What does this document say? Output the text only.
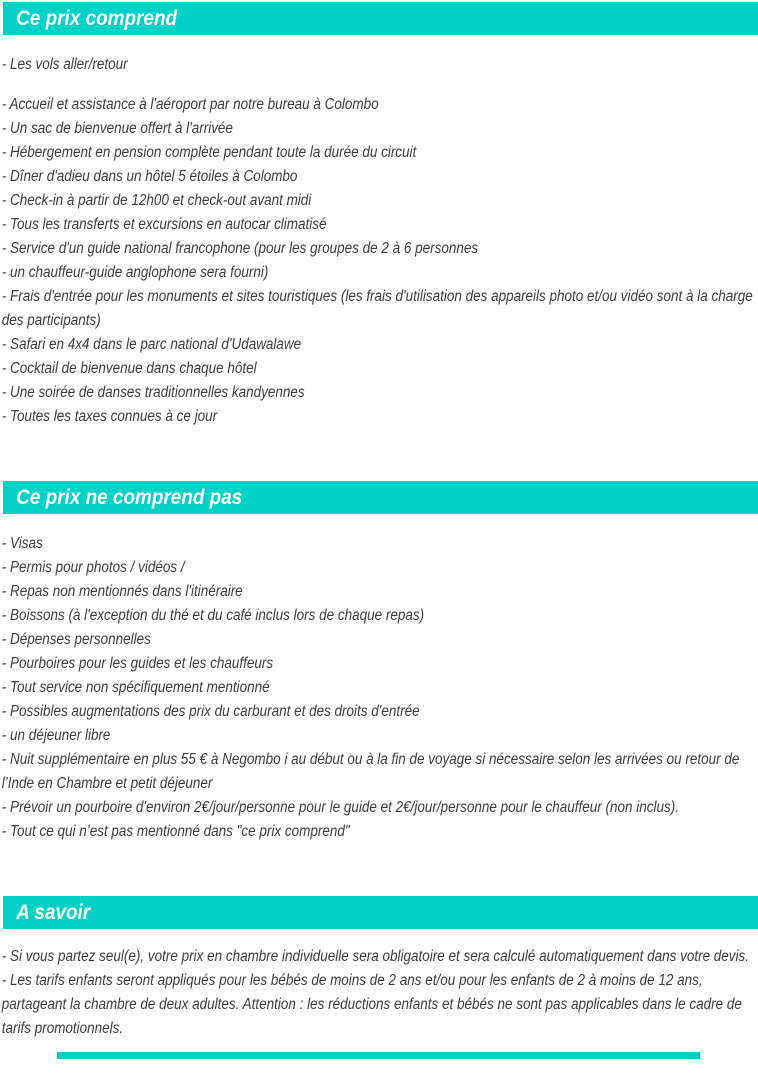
Ce prix comprend

- Les vols aller/retour

- Accueil et assistance à l'aéroport par notre bureau à Colombo

- Un sac de bienvenue offert à l'arrivée

- Hébergement en pension complète pendant toute la durée du circuit

- Dîner d'adieu dans un hôtel 5 étoiles à Colombo

- Check-in à partir de 12h00 et check-out avant midi

- Tous les transferts et excursions en autocar climatisé

- Service d'un guide national francophone (pour les groupes de 2 à 6 personnes

- un chauffeur-guide anglophone sera fourni)

- Frais d'entrée pour les monuments et sites touristiques (les frais d'utilisation des appareils photo et/ou vidéo sont à la charge des participants)

- Safari en 4x4 dans le parc national d'Udawalawe

- Cocktail de bienvenue dans chaque hôtel

- Une soirée de danses traditionnelles kandyennes

- Toutes les taxes connues à ce jour

Ce prix ne comprend pas

- Visas

- Permis pour photos / vidéos /

- Repas non mentionnés dans l'itinéraire

- Boissons (à l'exception du thé et du café inclus lors de chaque repas)

- Dépenses personnelles

- Pourboires pour les guides et les chauffeurs

- Tout service non spécifiquement mentionné

- Possibles augmentations des prix du carburant et des droits d'entrée

- un déjeuner libre

- Nuit supplémentaire en plus 55 € à Negombo i au début ou à la fin de voyage si nécessaire selon les arrivées ou retour de l’Inde en Chambre et petit déjeuner

- Prévoir un pourboire d'environ 2€/jour/personne pour le guide et 2€/jour/personne pour le chauffeur (non inclus).

- Tout ce qui n’est pas mentionné dans "ce prix comprend"

A savoir

- Si vous partez seul(e), votre prix en chambre individuelle sera obligatoire et sera calculé automatiquement dans votre devis.

- Les tarifs enfants seront appliqués pour les bébés de moins de 2 ans et/ou pour les enfants de 2 à moins de 12 ans, partageant la chambre de deux adultes. Attention : les réductions enfants et bébés ne sont pas applicables dans le cadre de tarifs promotionnels.
